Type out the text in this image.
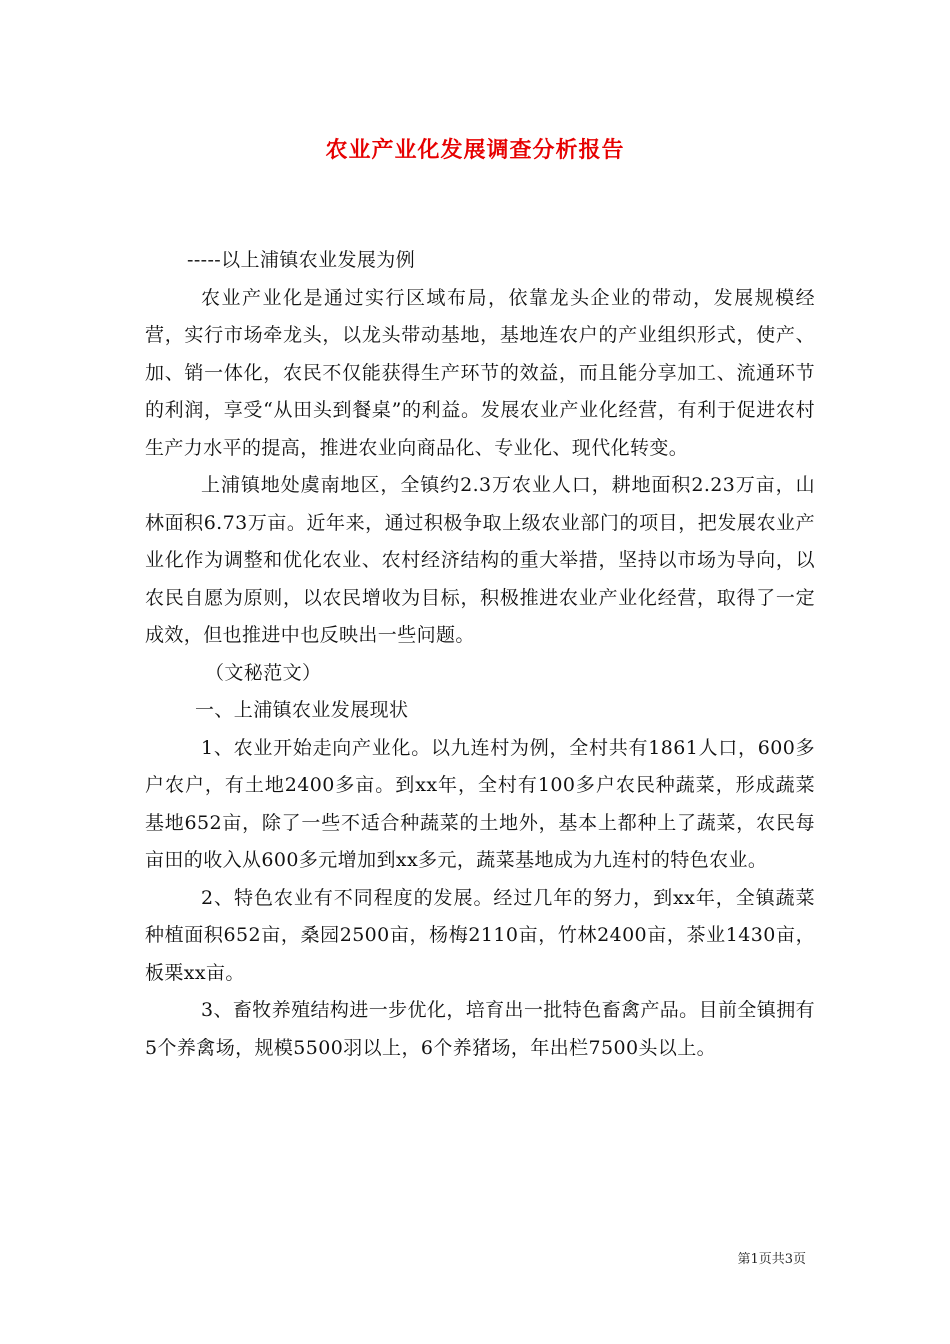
农业产业化发展调查分析报告

-----以上浦镇农业发展为例

农业产业化是通过实行区域布局，依靠龙头企业的带动，发展规模经营，实行市场牵龙头，以龙头带动基地，基地连农户的产业组织形式，使产、加、销一体化，农民不仅能获得生产环节的效益，而且能分享加工、流通环节的利润，享受“从田头到餐桌”的利益。发展农业产业化经营，有利于促进农村生产力水平的提高，推进农业向商品化、专业化、现代化转变。

上浦镇地处虞南地区，全镇约2.3万农业人口，耕地面积2.23万亩，山林面积6.73万亩。近年来，通过积极争取上级农业部门的项目，把发展农业产业化作为调整和优化农业、农村经济结构的重大举措，坚持以市场为导向，以农民自愿为原则，以农民增收为目标，积极推进农业产业化经营，取得了一定成效，但也推进中也反映出一些问题。

（文秘范文）

一、上浦镇农业发展现状

1、农业开始走向产业化。以九连村为例，全村共有1861人口，600多户农户，有土地2400多亩。到xx年，全村有100多户农民种蔬菜，形成蔬菜基地652亩，除了一些不适合种蔬菜的土地外，基本上都种上了蔬菜，农民每亩田的收入从600多元增加到xx多元，蔬菜基地成为九连村的特色农业。

2、特色农业有不同程度的发展。经过几年的努力，到xx年，全镇蔬菜种植面积652亩，桑园2500亩，杨梅2110亩，竹林2400亩，茶业1430亩，板栗xx亩。

3、畜牧养殖结构进一步优化，培育出一批特色畜禽产品。目前全镇拥有5个养禽场，规模5500羽以上，6个养猪场，年出栏7500头以上。

第1页共3页
